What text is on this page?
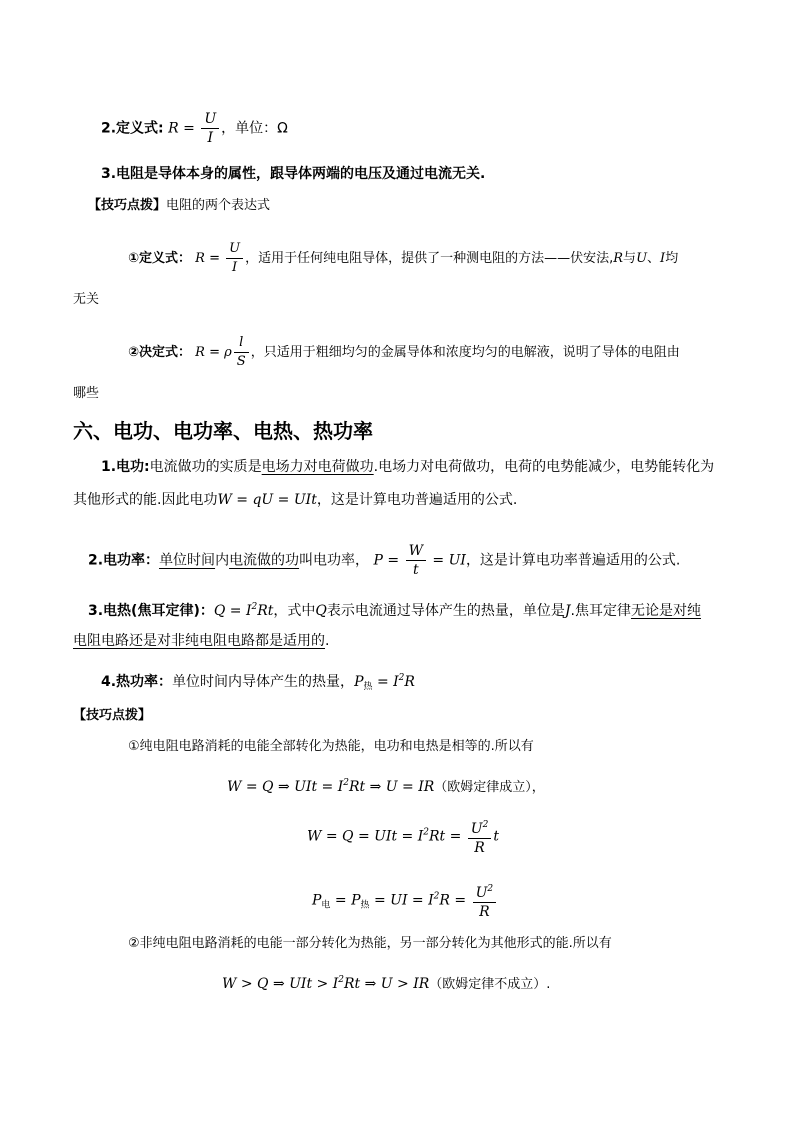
2.定义式: $R = \frac{U}{I}$ ，单位：Ω
3.电阻是导体本身的属性，跟导体两端的电压及通过电流无关.
【技巧点拨】电阻的两个表达式
①定义式： $R = \frac{U}{I}$ ，适用于任何纯电阻导体，提供了一种测电阻的方法——伏安法,R与U、I均
无关
②决定式： R = ρ $\frac{l}{S}$ ，只适用于粗细均匀的金属导体和浓度均匀的电解液，说明了导体的电阻由
哪些
六、电功、电功率、电热、热功率
1.电功:电流做功的实质是电场力对电荷做功.电场力对电荷做功，电荷的电势能减少，电势能转化为
其他形式的能.因此电功W = qU = UIt，这是计算电功普遍适用的公式.
2.电功率：单位时间内电流做的功叫电功率， $P = \frac{W}{t}$ = UI，这是计算电功率普遍适用的公式.
3.电热(焦耳定律)：$Q = I^2Rt$，式中Q表示电流通过导体产生的热量，单位是J.焦耳定律无论是对纯
电阻电路还是对非纯电阻电路都是适用的.
4.热功率：单位时间内导体产生的热量，$P_热 = I^2R$
【技巧点拨】
①纯电阻电路消耗的电能全部转化为热能，电功和电热是相等的.所以有
W = Q ⇒ UIt = $I^2Rt$ ⇒ U = IR（欧姆定律成立），
W = Q = UIt = $I^2Rt = \frac{U^2}{R}$ t
$P_电 = P_热$ = UI = $I^2R = \frac{U^2}{R}$
②非纯电阻电路消耗的电能一部分转化为热能，另一部分转化为其他形式的能.所以有
W > Q ⇒ UIt > $I^2Rt$ ⇒ U > IR（欧姆定律不成立）.
